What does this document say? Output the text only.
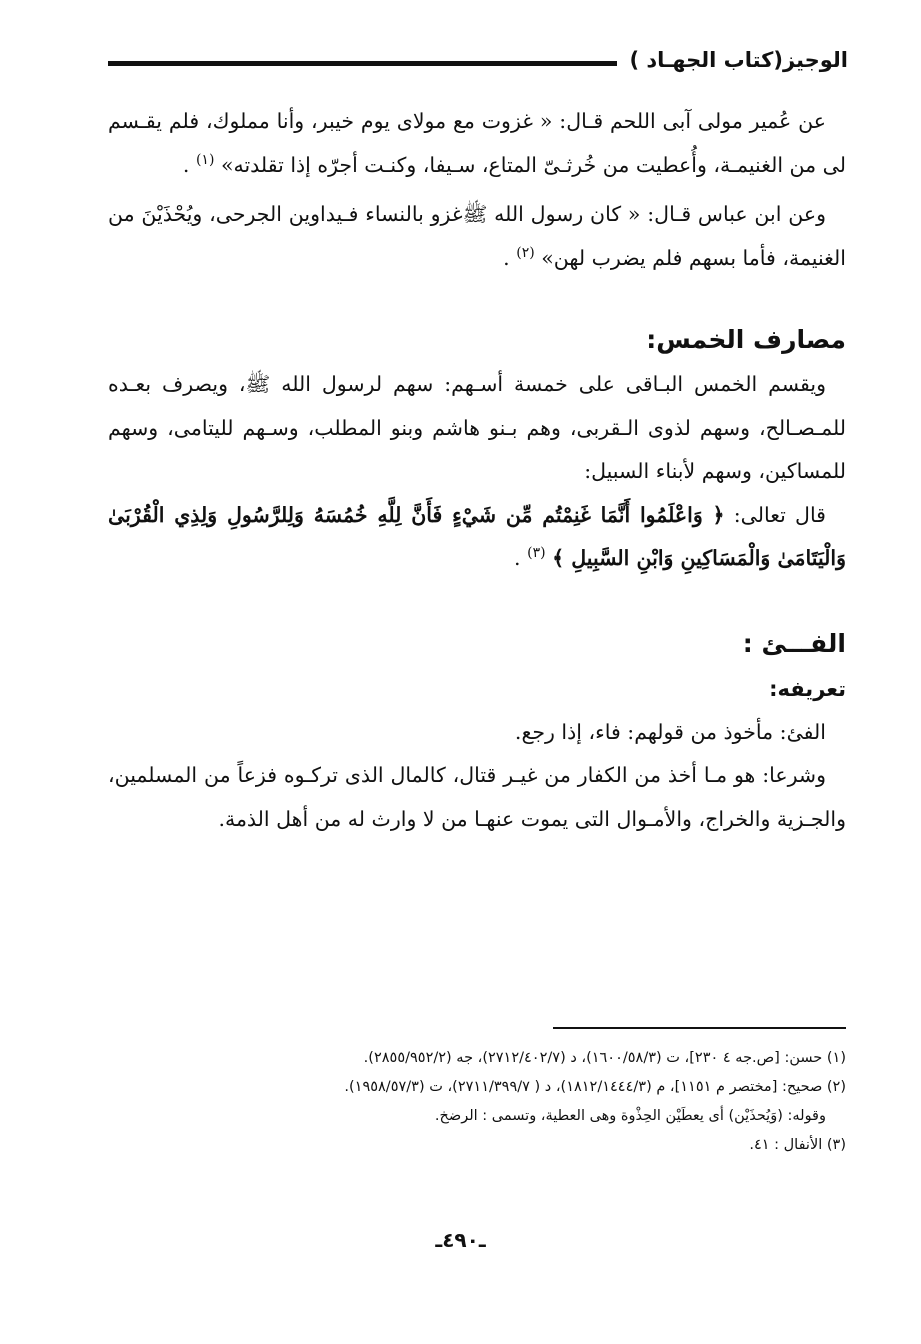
الوجيز(كتاب الجهـاد )

عن عُمير مولى آبى اللحم قـال: « غزوت مع مولاى يوم خيبر، وأنا مملوك، فلم يقـسم لى من الغنيمـة، وأُعطيت من خُرثـىّ المتاع، سـيفا، وكنـت أجرّه إذا تقلدته» $^{(١)}$ .

وعن ابن عباس قـال: « كان رسول الله ﷺغزو بالنساء فـيداوين الجرحى، ويُحْذَيْنَ من الغنيمة، فأما بسهم فلم يضرب لهن» $^{(٢)}$ .

مصارف الخمس:

ويقسم الخمس البـاقى على خمسة أسـهم: سهم لرسول الله ﷺ، ويصرف بعـده للمـصـالح، وسهم لذوى الـقربى، وهم بـنو هاشم وبنو المطلب، وسـهم لليتامى، وسهم للمساكين، وسهم لأبناء السبيل:

قال تعالى: ﴿ وَاعْلَمُوا أَنَّمَا غَنِمْتُم مِّن شَيْءٍ فَأَنَّ لِلَّهِ خُمُسَهُ وَلِلرَّسُولِ وَلِذِي الْقُرْبَىٰ وَالْيَتَامَىٰ وَالْمَسَاكِينِ وَابْنِ السَّبِيلِ ﴾ $^{(٣)}$ .

الفـــئ :

تعريفه:

الفئ: مأخوذ من قولهم: فاء، إذا رجع.

وشرعا: هو مـا أخذ من الكفار من غيـر قتال، كالمال الذى تركـوه فزعاً من المسلمين، والجـزية والخراج، والأمـوال التى يموت عنهـا من لا وارث له من أهل الذمة.

(١) حسن: [ص.جه ٤ ٢٣٠]، ت (١٦٠٠/٥٨/٣)، د (٢٧١٢/٤٠٢/٧)، جه (٢٨٥٥/٩٥٢/٢).

(٢) صحيح: [مختصر م ١١٥١]، م (١٨١٢/١٤٤٤/٣)، د ( ٢٧١١/٣٩٩/٧)، ت (١٩٥٨/٥٧/٣).

وقوله: (وَيُحذَيْن) أى يعطَيْن الحِذْوة وهى العطية، وتسمى : الرضخ.

(٣) الأنفال : ٤١.

ـ٤٩٠ـ
